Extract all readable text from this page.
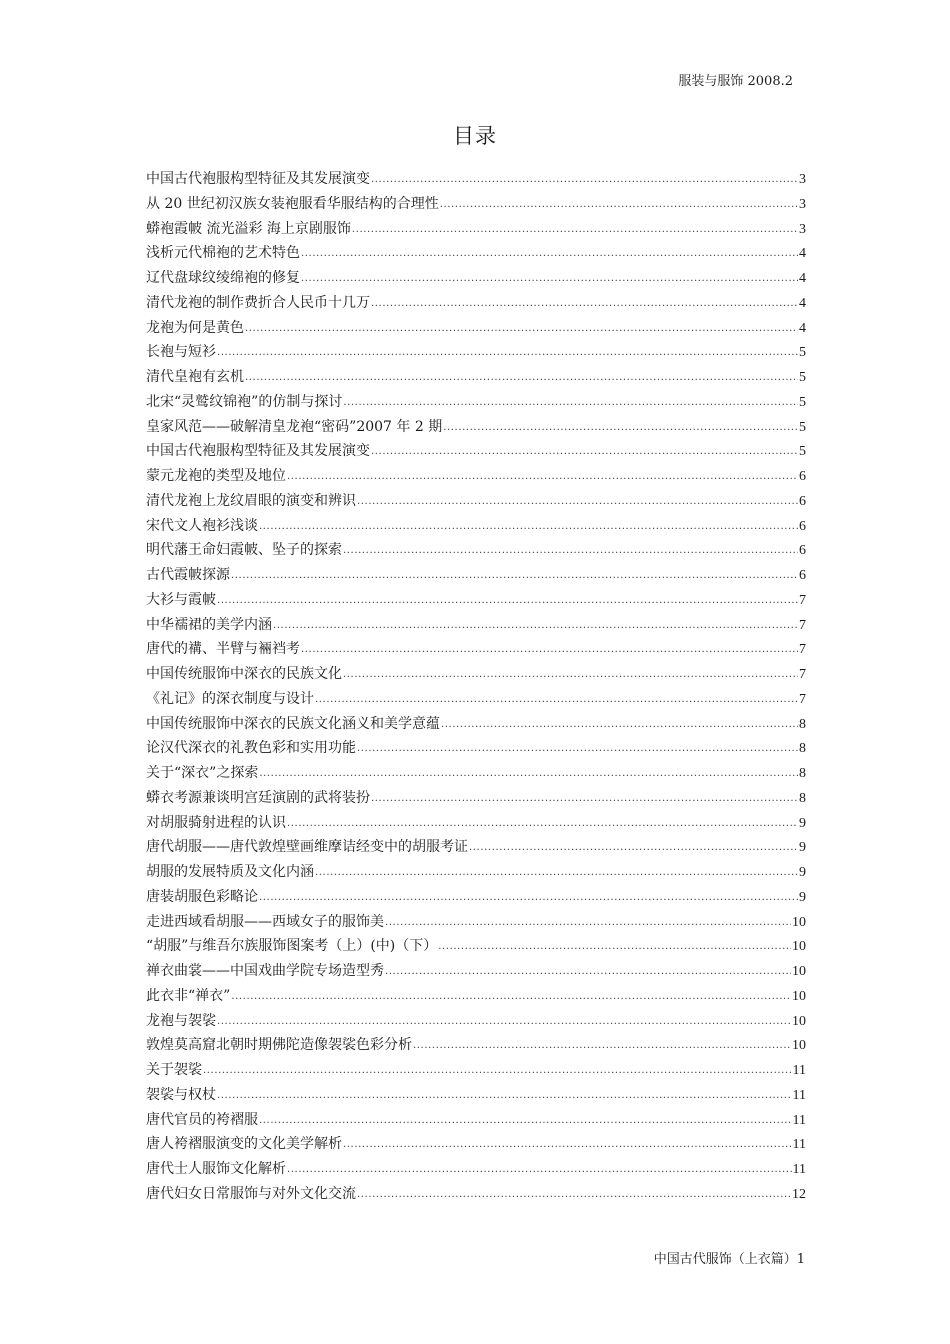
服装与服饰 2008.2
目录
中国古代袍服构型特征及其发展演变 .....	3
从 20 世纪初汉族女装袍服看华服结构的合理性 .....	3
蟒袍霞帔 流光溢彩 海上京剧服饰 .....	3
浅析元代棉袍的艺术特色 .....	4
辽代盘球纹绫绵袍的修复 .....	4
清代龙袍的制作费折合人民币十几万 .....	4
龙袍为何是黄色 .....	4
长袍与短衫 .....	5
清代皇袍有玄机 .....	5
北宋“灵鹫纹锦袍”的仿制与探讨 .....	5
皇家风范——破解清皇龙袍“密码”2007 年 2 期 .....	5
中国古代袍服构型特征及其发展演变 .....	5
蒙元龙袍的类型及地位 .....	6
清代龙袍上龙纹眉眼的演变和辨识 .....	6
宋代文人袍衫浅谈 .....	6
明代藩王命妇霞帔、坠子的探索 .....	6
古代霞帔探源 .....	6
大衫与霞帔 .....	7
中华襦裙的美学内涵 .....	7
唐代的褠、半臂与裲裆考 .....	7
中国传统服饰中深衣的民族文化 .....	7
《礼记》的深衣制度与设计 .....	7
中国传统服饰中深衣的民族文化涵义和美学意蕴 .....	8
论汉代深衣的礼教色彩和实用功能 .....	8
关于“深衣”之探索 .....	8
蟒衣考源兼谈明宫廷演剧的武将装扮 .....	8
对胡服骑射进程的认识 .....	9
唐代胡服——唐代敦煌壁画维摩诘经变中的胡服考证 .....	9
胡服的发展特质及文化内涵 .....	9
唐装胡服色彩略论 .....	9
走进西域看胡服——西域女子的服饰美 .....	10
“胡服”与维吾尔族服饰图案考（上）(中)（下） .....	10
禅衣曲裳——中国戏曲学院专场造型秀 .....	10
此衣非“禅衣” .....	10
龙袍与袈裟 .....	10
敦煌莫高窟北朝时期佛陀造像袈裟色彩分析 .....	10
关于袈裟 .....	11
袈裟与权杖 .....	11
唐代官员的袴褶服 .....	11
唐人袴褶服演变的文化美学解析 .....	11
唐代士人服饰文化解析 .....	11
唐代妇女日常服饰与对外文化交流 .....	12
中国古代服饰（上衣篇）1
